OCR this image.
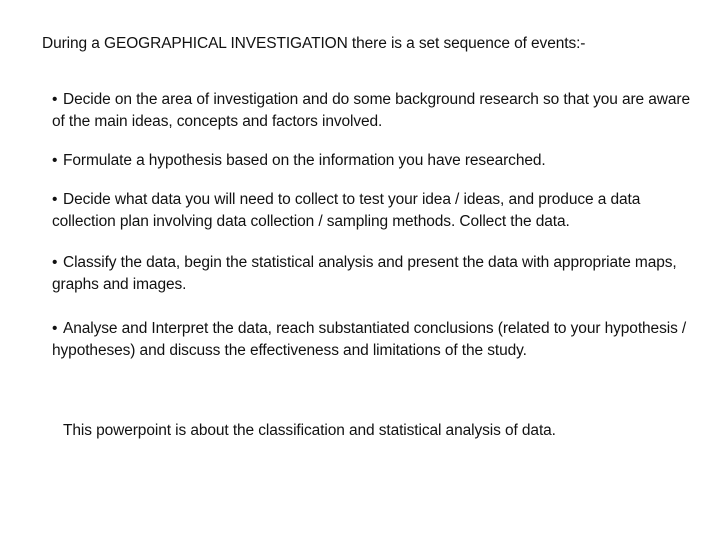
During a GEOGRAPHICAL INVESTIGATION there is a set sequence of events:-
• Decide on the area of investigation and do some background research so that you are aware of the main ideas, concepts and factors involved.
• Formulate a hypothesis based on the information you have researched.
• Decide what data you will need to collect to test your idea / ideas, and produce a data collection plan involving data collection / sampling methods. Collect the data.
• Classify the data, begin the statistical analysis and present the data with appropriate maps, graphs and images.
• Analyse and Interpret the data, reach substantiated conclusions (related to your hypothesis / hypotheses) and discuss the effectiveness and limitations of the study.
This powerpoint is about the classification and statistical analysis of data.
